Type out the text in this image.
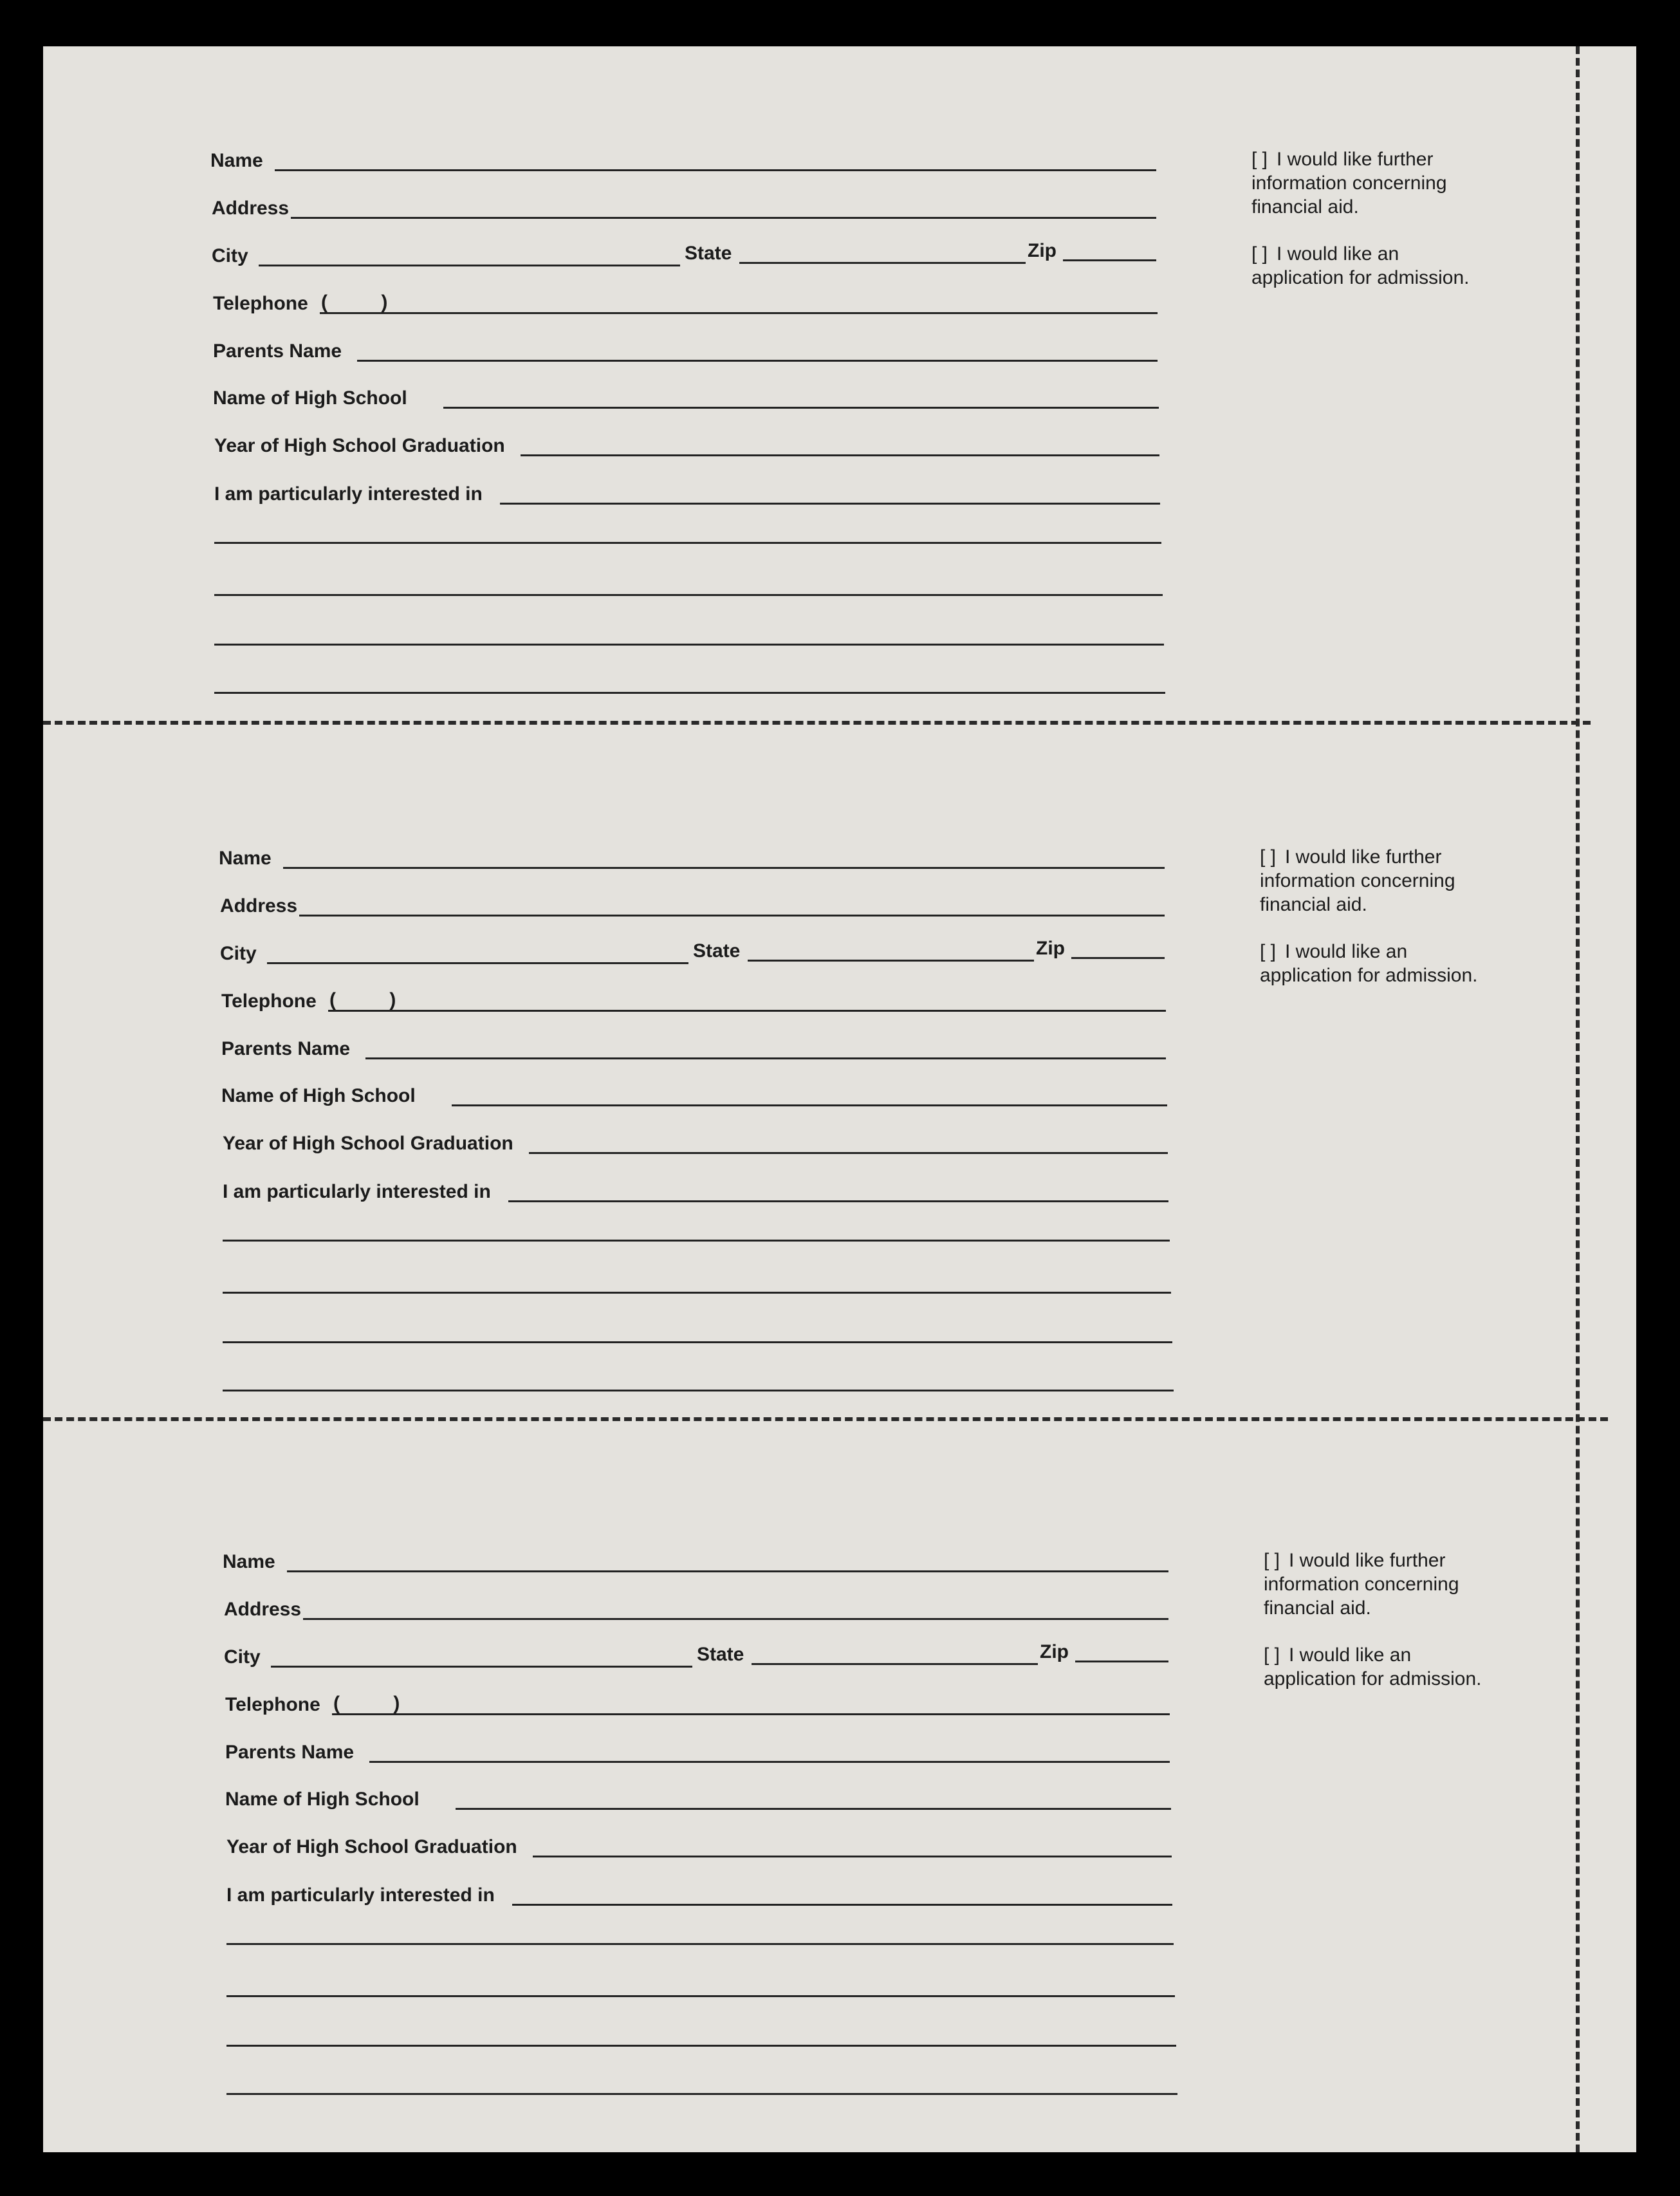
Name
Address
City	State	Zip
Telephone (          )
Parents Name
Name of High School
Year of High School Graduation
I am particularly interested in
[ ] I would like further information concerning financial aid.
[ ] I would like an application for admission.
Name
Address
City	State	Zip
Telephone (          )
Parents Name
Name of High School
Year of High School Graduation
I am particularly interested in
[ ] I would like further information concerning financial aid.
[ ] I would like an application for admission.
Name
Address
City	State	Zip
Telephone (          )
Parents Name
Name of High School
Year of High School Graduation
I am particularly interested in
[ ] I would like further information concerning financial aid.
[ ] I would like an application for admission.
